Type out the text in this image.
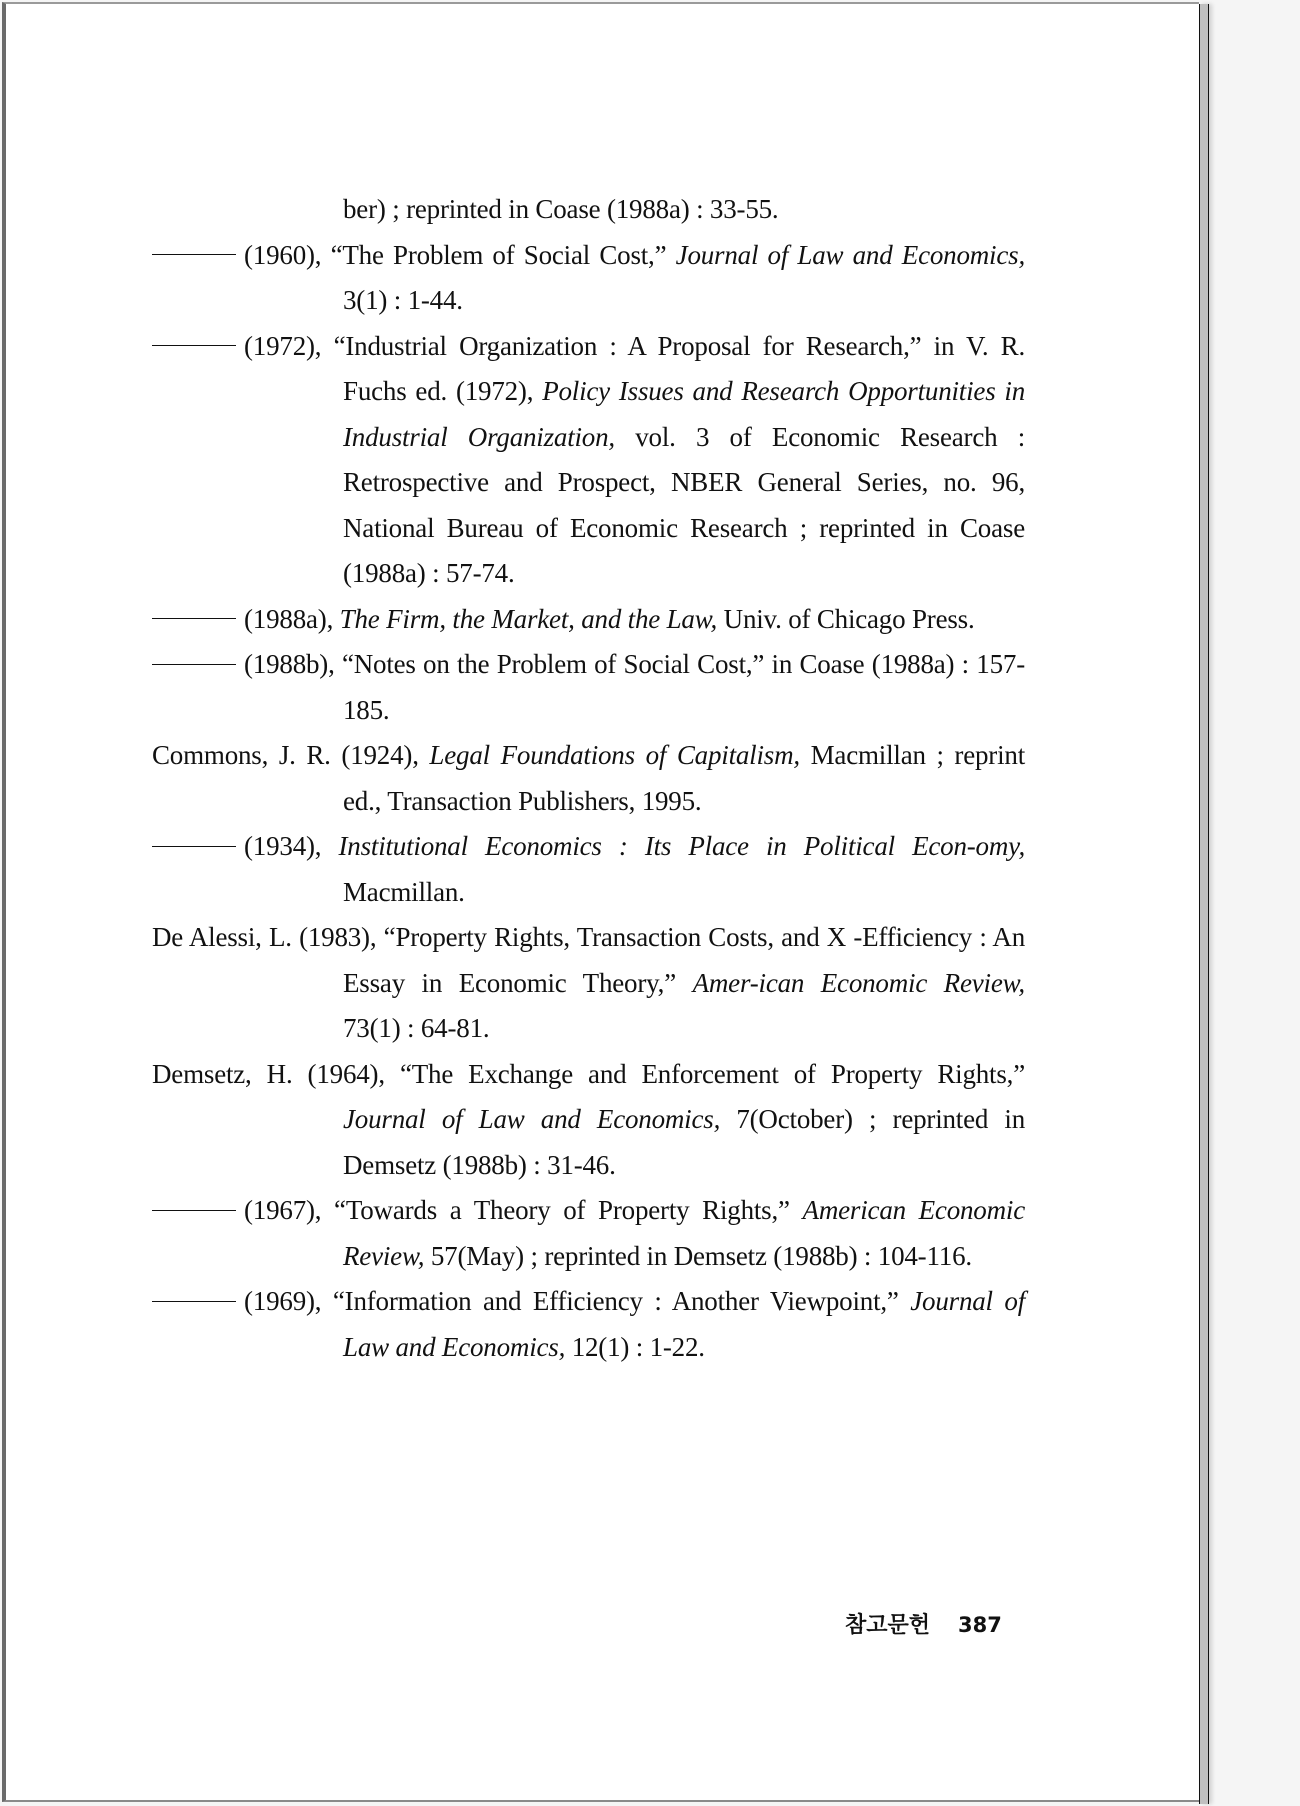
ber) ; reprinted in Coase (1988a) : 33-55.

(1960), “The Problem of Social Cost,” Journal of Law and Economics, 3(1) : 1-44.

(1972), “Industrial Organization : A Proposal for Research,” in V. R. Fuchs ed. (1972), Policy Issues and Research Opportunities in Industrial Organization, vol. 3 of Economic Research : Retrospective and Prospect, NBER General Series, no. 96, National Bureau of Economic Research ; reprinted in Coase (1988a) : 57-74.

(1988a), The Firm, the Market, and the Law, Univ. of Chicago Press.

(1988b), “Notes on the Problem of Social Cost,” in Coase (1988a) : 157-185.

Commons, J. R. (1924), Legal Foundations of Capitalism, Macmillan ; reprint ed., Transaction Publishers, 1995.

(1934), Institutional Economics : Its Place in Political Econ-omy, Macmillan.

De Alessi, L. (1983), “Property Rights, Transaction Costs, and X -Efficiency : An Essay in Economic Theory,” Amer-ican Economic Review, 73(1) : 64-81.

Demsetz, H. (1964), “The Exchange and Enforcement of Property Rights,” Journal of Law and Economics, 7(October) ; reprinted in Demsetz (1988b) : 31-46.

(1967), “Towards a Theory of Property Rights,” American Economic Review, 57(May) ; reprinted in Demsetz (1988b) : 104-116.

(1969), “Information and Efficiency : Another Viewpoint,” Journal of Law and Economics, 12(1) : 1-22.

참고문헌 387
